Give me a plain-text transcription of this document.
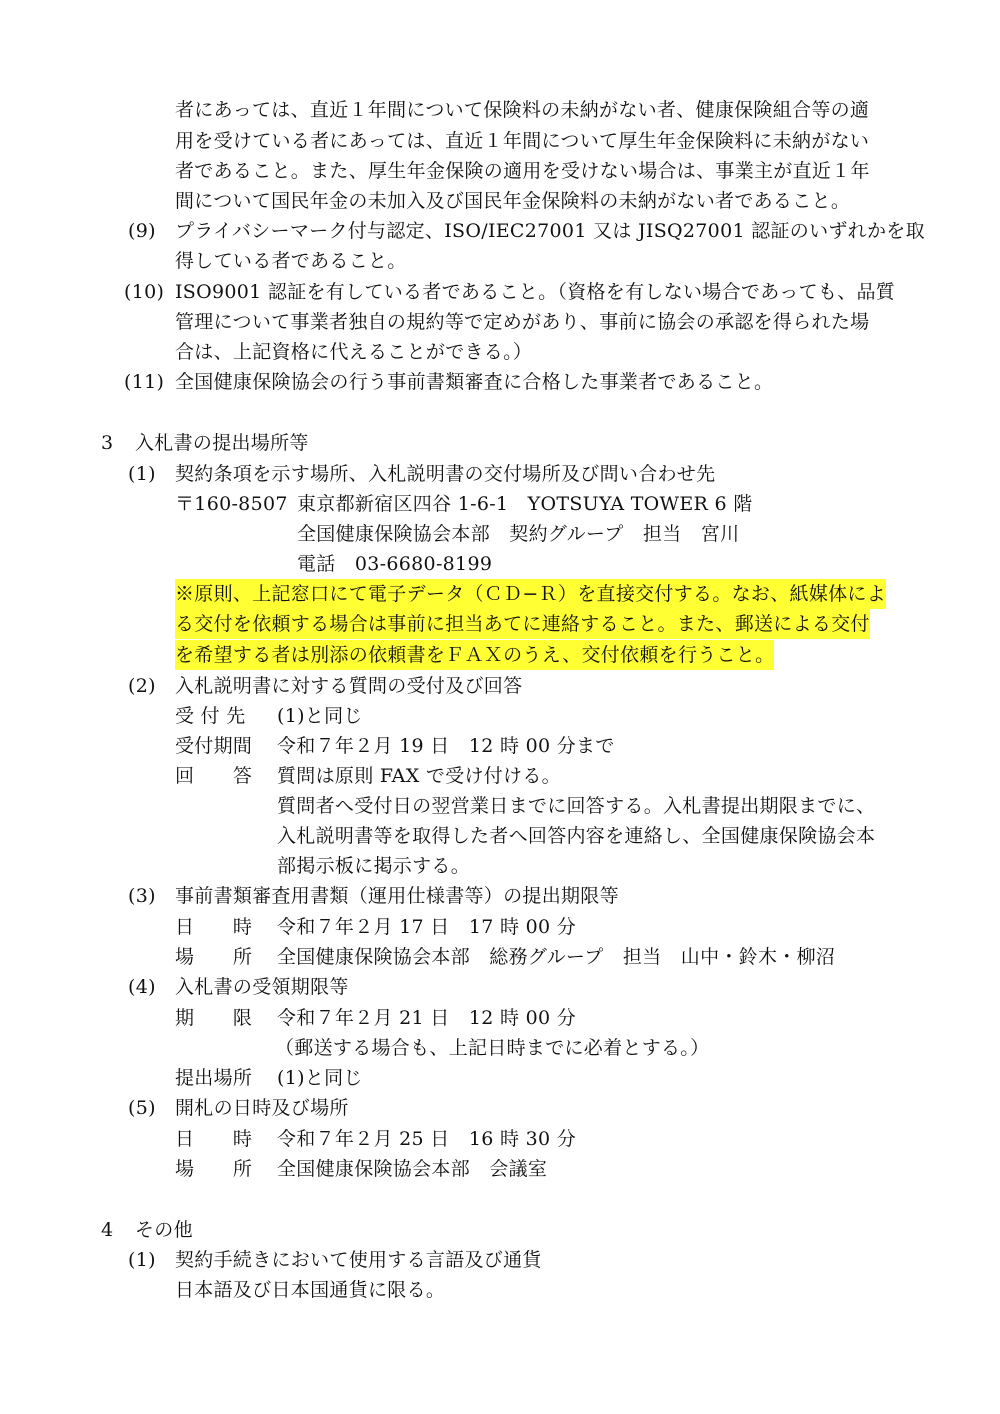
者にあっては、直近１年間について保険料の未納がない者、健康保険組合等の適
用を受けている者にあっては、直近１年間について厚生年金保険料に未納がない
者であること。また、厚生年金保険の適用を受けない場合は、事業主が直近１年
間について国民年金の未加入及び国民年金保険料の未納がない者であること。
(9) プライバシーマーク付与認定、ISO/IEC27001 又は JISQ27001 認証のいずれかを取
得している者であること。
(10) ISO9001 認証を有している者であること。（資格を有しない場合であっても、品質
管理について事業者独自の規約等で定めがあり、事前に協会の承認を得られた場
合は、上記資格に代えることができる。）
(11) 全国健康保険協会の行う事前書類審査に合格した事業者であること。
3 入札書の提出場所等
(1) 契約条項を示す場所、入札説明書の交付場所及び問い合わせ先
〒160-8507 東京都新宿区四谷 1-6-1　YOTSUYA TOWER 6 階
全国健康保険協会本部　契約グループ　担当　宮川
電話　03-6680-8199
※原則、上記窓口にて電子データ（ＣＤ−Ｒ）を直接交付する。なお、紙媒体によ
る交付を依頼する場合は事前に担当あてに連絡すること。また、郵送による交付
を希望する者は別添の依頼書をＦＡＸのうえ、交付依頼を行うこと。
(2) 入札説明書に対する質問の受付及び回答
受 付 先 (1)と同じ
受付期間 令和７年２月 19 日　12 時 00 分まで
回　　答 質問は原則 FAX で受け付ける。
質問者へ受付日の翌営業日までに回答する。入札書提出期限までに、
入札説明書等を取得した者へ回答内容を連絡し、全国健康保険協会本
部掲示板に掲示する。
(3) 事前書類審査用書類（運用仕様書等）の提出期限等
日　　時 令和７年２月 17 日　17 時 00 分
場　　所 全国健康保険協会本部　総務グループ　担当　山中・鈴木・柳沼
(4) 入札書の受領期限等
期　　限 令和７年２月 21 日　12 時 00 分
（郵送する場合も、上記日時までに必着とする。）
提出場所 (1)と同じ
(5) 開札の日時及び場所
日　　時 令和７年２月 25 日　16 時 30 分
場　　所 全国健康保険協会本部　会議室
4 その他
(1) 契約手続きにおいて使用する言語及び通貨
日本語及び日本国通貨に限る。
